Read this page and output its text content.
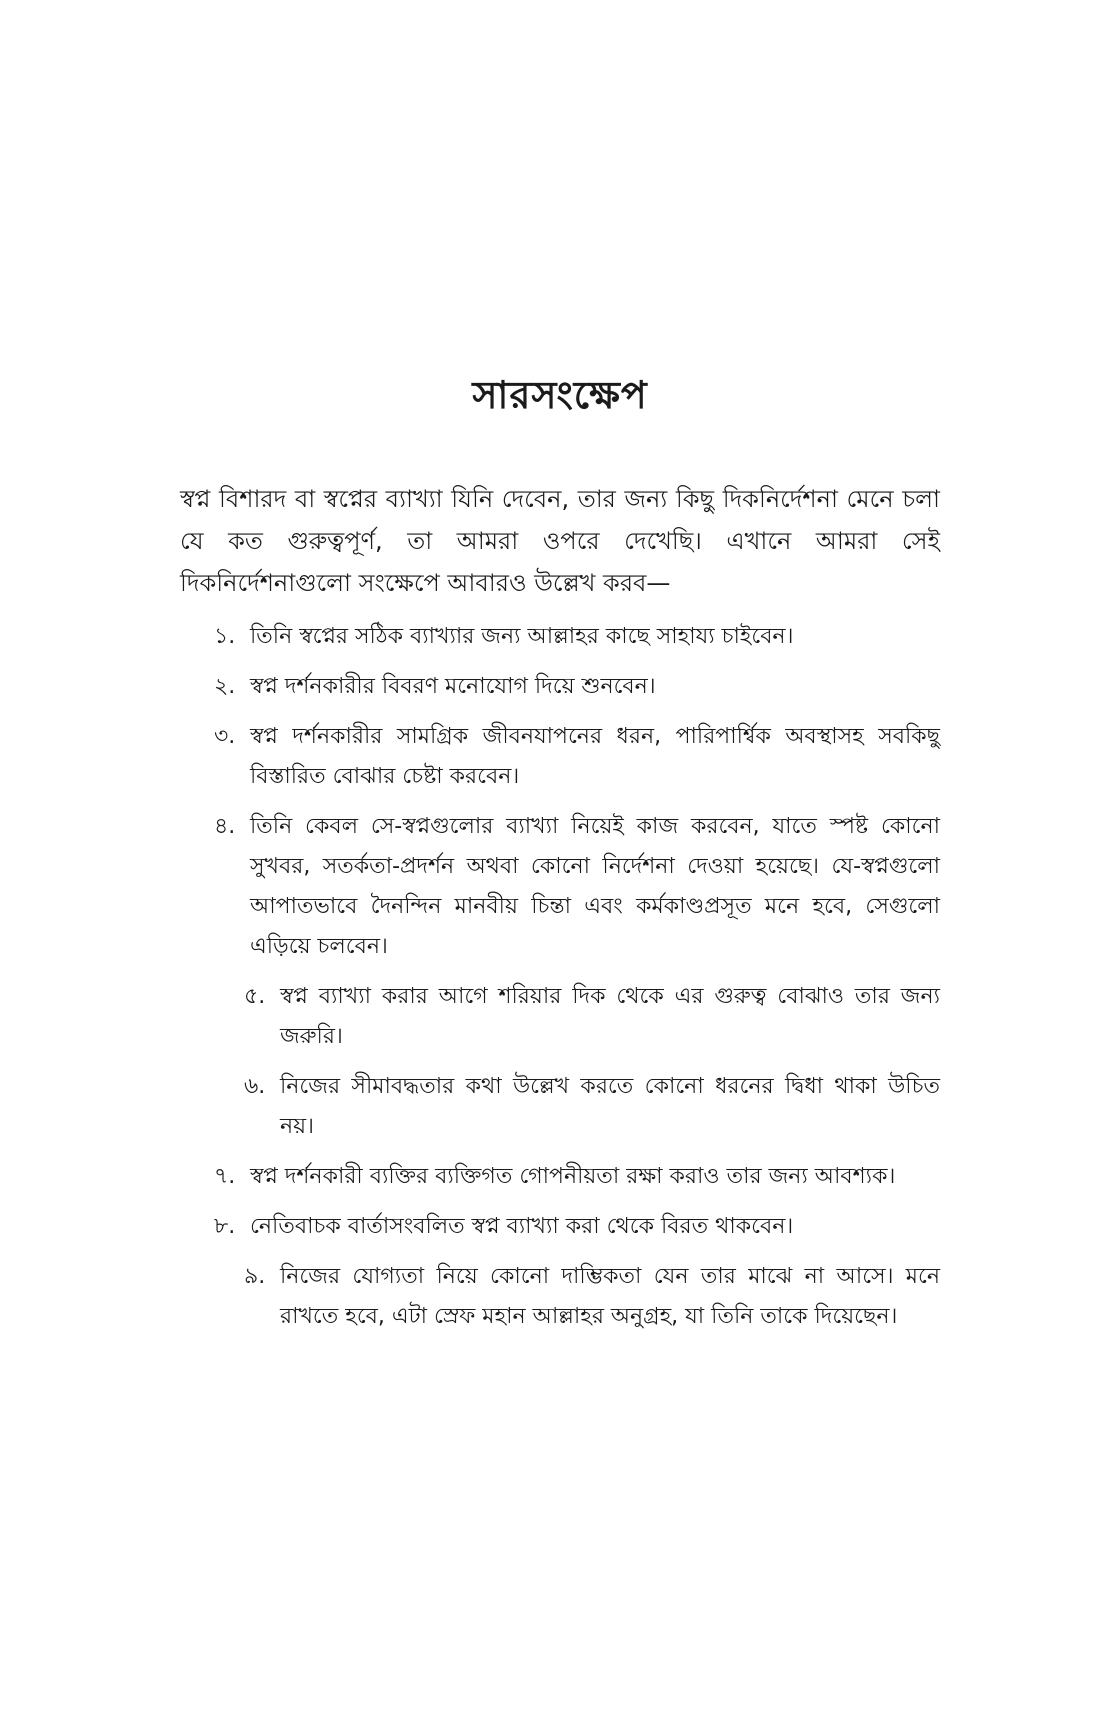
সারসংক্ষেপ

স্বপ্ন বিশারদ বা স্বপ্নের ব্যাখ্যা যিনি দেবেন, তার জন্য কিছু দিকনির্দেশনা মেনে চলা যে কত গুরুত্বপূর্ণ, তা আমরা ওপরে দেখেছি। এখানে আমরা সেই দিকনির্দেশনাগুলো সংক্ষেপে আবারও উল্লেখ করব—

১. তিনি স্বপ্নের সঠিক ব্যাখ্যার জন্য আল্লাহর কাছে সাহায্য চাইবেন।
২. স্বপ্ন দর্শনকারীর বিবরণ মনোযোগ দিয়ে শুনবেন।
৩. স্বপ্ন দর্শনকারীর সামগ্রিক জীবনযাপনের ধরন, পারিপার্শ্বিক অবস্থাসহ সবকিছু বিস্তারিত বোঝার চেষ্টা করবেন।
৪. তিনি কেবল সে-স্বপ্নগুলোর ব্যাখ্যা নিয়েই কাজ করবেন, যাতে স্পষ্ট কোনো সুখবর, সতর্কতা-প্রদর্শন অথবা কোনো নির্দেশনা দেওয়া হয়েছে। যে-স্বপ্নগুলো আপাতভাবে দৈনন্দিন মানবীয় চিন্তা এবং কর্মকাণ্ডপ্রসূত মনে হবে, সেগুলো এড়িয়ে চলবেন।
৫. স্বপ্ন ব্যাখ্যা করার আগে শরিয়ার দিক থেকে এর গুরুত্ব বোঝাও তার জন্য জরুরি।
৬. নিজের সীমাবদ্ধতার কথা উল্লেখ করতে কোনো ধরনের দ্বিধা থাকা উচিত নয়।
৭. স্বপ্ন দর্শনকারী ব্যক্তির ব্যক্তিগত গোপনীয়তা রক্ষা করাও তার জন্য আবশ্যক।
৮. নেতিবাচক বার্তাসংবলিত স্বপ্ন ব্যাখ্যা করা থেকে বিরত থাকবেন।
৯. নিজের যোগ্যতা নিয়ে কোনো দাম্ভিকতা যেন তার মাঝে না আসে। মনে রাখতে হবে, এটা স্রেফ মহান আল্লাহর অনুগ্রহ, যা তিনি তাকে দিয়েছেন।
